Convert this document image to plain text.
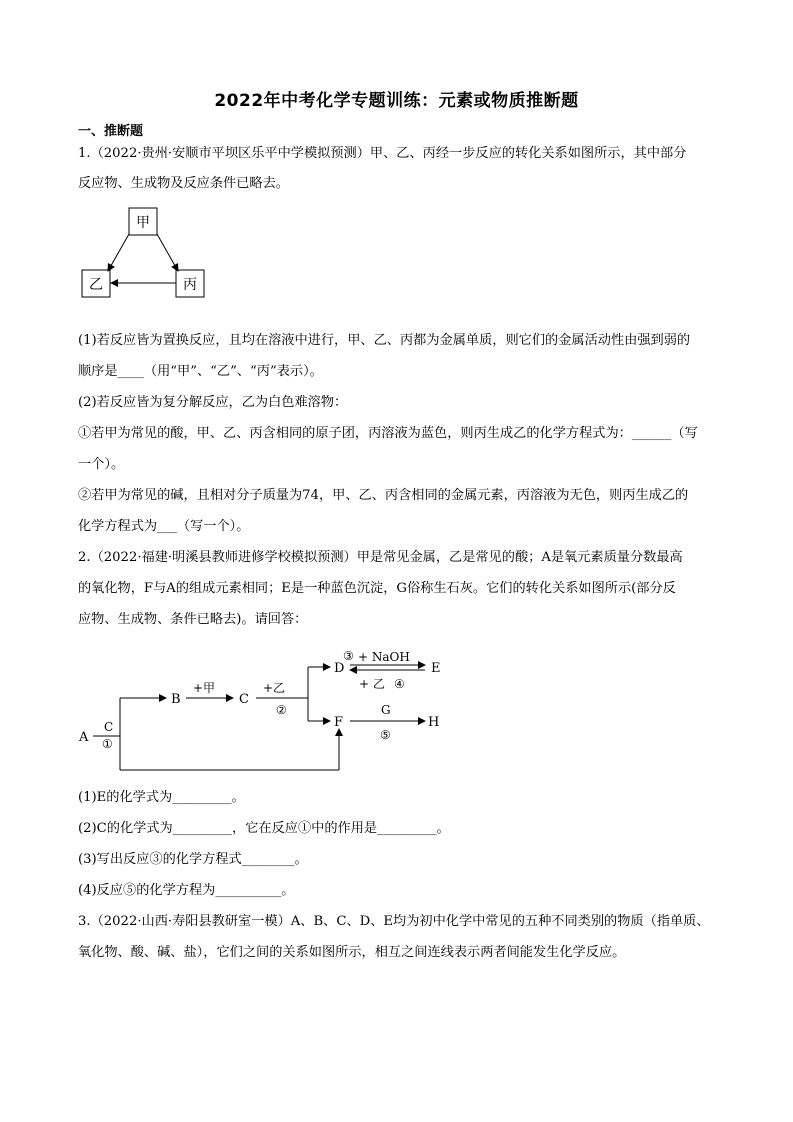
2022年中考化学专题训练：元素或物质推断题
一、推断题
1.（2022·贵州·安顺市平坝区乐平中学模拟预测）甲、乙、丙经一步反应的转化关系如图所示，其中部分
反应物、生成物及反应条件已略去。
甲
乙	丙
A
C
①
B
+甲
C
+乙
②
D
③ + NaOH
+ 乙 ④
E
F
G
⑤
H
(1)若反应皆为置换反应，且均在溶液中进行，甲、乙、丙都为金属单质，则它们的金属活动性由强到弱的
顺序是____（用“甲”、“乙”、“丙”表示）。
(2)若反应皆为复分解反应，乙为白色难溶物：
①若甲为常见的酸，甲、乙、丙含相同的原子团，丙溶液为蓝色，则丙生成乙的化学方程式为：______（写
一个）。
②若甲为常见的碱，且相对分子质量为74，甲、乙、丙含相同的金属元素，丙溶液为无色，则丙生成乙的
化学方程式为___（写一个）。
2.（2022·福建·明溪县教师进修学校模拟预测）甲是常见金属，乙是常见的酸；A是氧元素质量分数最高
的氧化物，F与A的组成元素相同；E是一种蓝色沉淀，G俗称生石灰。它们的转化关系如图所示(部分反
应物、生成物、条件已略去)。请回答：
(1)E的化学式为_________。
(2)C的化学式为_________，它在反应①中的作用是_________。
(3)写出反应③的化学方程式________。
(4)反应⑤的化学方程为__________。
3.（2022·山西·寿阳县教研室一模）A、B、C、D、E均为初中化学中常见的五种不同类别的物质（指单质、
氧化物、酸、碱、盐），它们之间的关系如图所示，相互之间连线表示两者间能发生化学反应。
